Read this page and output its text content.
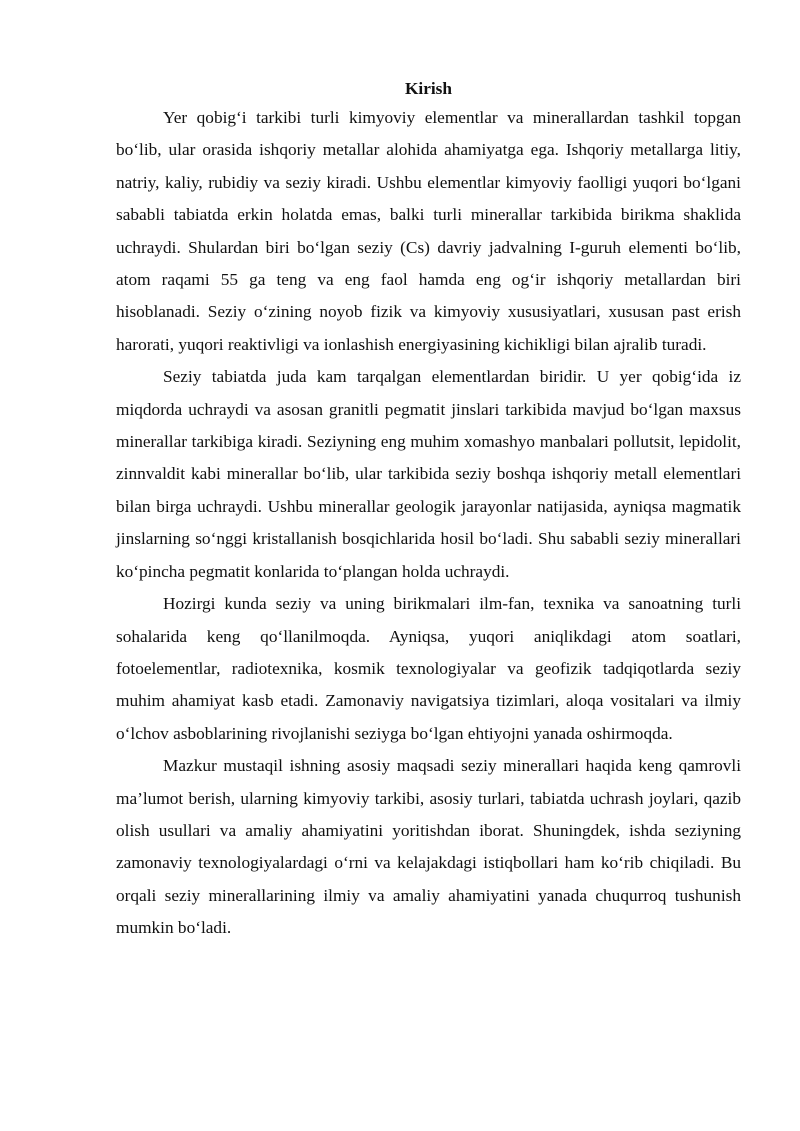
Kirish

Yer qobig‘i tarkibi turli kimyoviy elementlar va minerallardan tashkil topgan bo‘lib, ular orasida ishqoriy metallar alohida ahamiyatga ega. Ishqoriy metallarga litiy, natriy, kaliy, rubidiy va seziy kiradi. Ushbu elementlar kimyoviy faolligi yuqori bo‘lgani sababli tabiatda erkin holatda emas, balki turli minerallar tarkibida birikma shaklida uchraydi. Shulardan biri bo‘lgan seziy (Cs) davriy jadvalning I-guruh elementi bo‘lib, atom raqami 55 ga teng va eng faol hamda eng og‘ir ishqoriy metallardan biri hisoblanadi. Seziy o‘zining noyob fizik va kimyoviy xususiyatlari, xususan past erish harorati, yuqori reaktivligi va ionlashish energiyasining kichikligi bilan ajralib turadi.

Seziy tabiatda juda kam tarqalgan elementlardan biridir. U yer qobig‘ida iz miqdorda uchraydi va asosan granitli pegmatit jinslari tarkibida mavjud bo‘lgan maxsus minerallar tarkibiga kiradi. Seziyning eng muhim xomashyo manbalari pollutsit, lepidolit, zinnvaldit kabi minerallar bo‘lib, ular tarkibida seziy boshqa ishqoriy metall elementlari bilan birga uchraydi. Ushbu minerallar geologik jarayonlar natijasida, ayniqsa magmatik jinslarning so‘nggi kristallanish bosqichlarida hosil bo‘ladi. Shu sababli seziy minerallari ko‘pincha pegmatit konlarida to‘plangan holda uchraydi.

Hozirgi kunda seziy va uning birikmalari ilm-fan, texnika va sanoatning turli sohalarida keng qo‘llanilmoqda. Ayniqsa, yuqori aniqlikdagi atom soatlari, fotoelementlar, radiotexnika, kosmik texnologiyalar va geofizik tadqiqotlarda seziy muhim ahamiyat kasb etadi. Zamonaviy navigatsiya tizimlari, aloqa vositalari va ilmiy o‘lchov asboblarining rivojlanishi seziyga bo‘lgan ehtiyojni yanada oshirmoqda.

Mazkur mustaqil ishning asosiy maqsadi seziy minerallari haqida keng qamrovli ma’lumot berish, ularning kimyoviy tarkibi, asosiy turlari, tabiatda uchrash joylari, qazib olish usullari va amaliy ahamiyatini yoritishdan iborat. Shuningdek, ishda seziyning zamonaviy texnologiyalardagi o‘rni va kelajakdagi istiqbollari ham ko‘rib chiqiladi. Bu orqali seziy minerallarining ilmiy va amaliy ahamiyatini yanada chuqurroq tushunish mumkin bo‘ladi.
